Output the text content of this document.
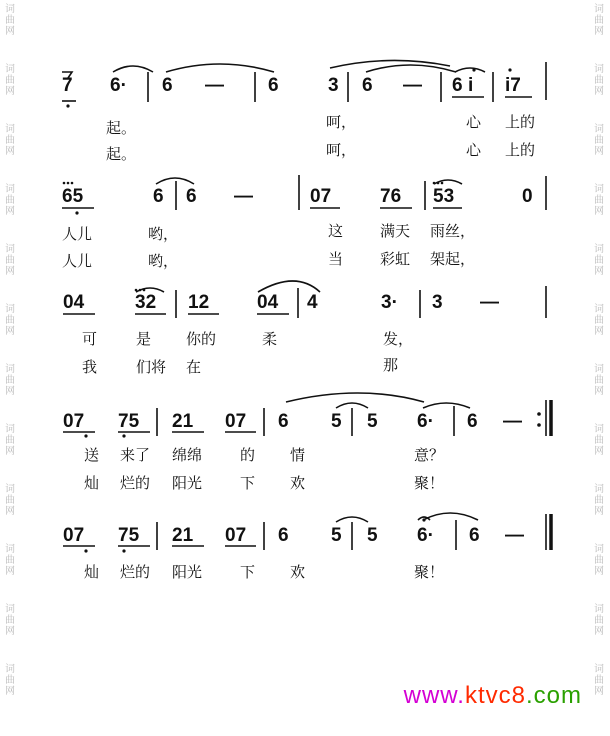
词
曲
网
词
曲
网
词
曲
网
词
曲
网
词
曲
网
词
曲
网
词
曲
网
词
曲
网
词
曲
网
词
曲
网
词
曲
网
词
曲
网
词
曲
网
词
曲
网
词
曲
网
词
曲
网
词
曲
网
词
曲
网
词
曲
网
词
曲
网
词
曲
网
词
曲
网
词
曲
网
词
曲
网
7 6· 6 — 6	3 6 — 6 i i7
起。	呵，	心 上的
起。	呵，	心 上的
65	6 6 —	07	76 53	0
人儿	哟，	这 满天 雨丝，
人儿	哟，	当 彩虹 架起，
04	32 12	04 4	3· 3 —
可	是 你的	柔	发，
我	们将 在	那
07 75 21 07 6 5 5 6· 6 —
送 来了 绵绵	的 情	意？
灿 烂的 阳光	下 欢	聚！
07 75 21 07 6 5 5 6· 6 —
灿 烂的 阳光	下 欢	聚！
www.ktvc8.com
